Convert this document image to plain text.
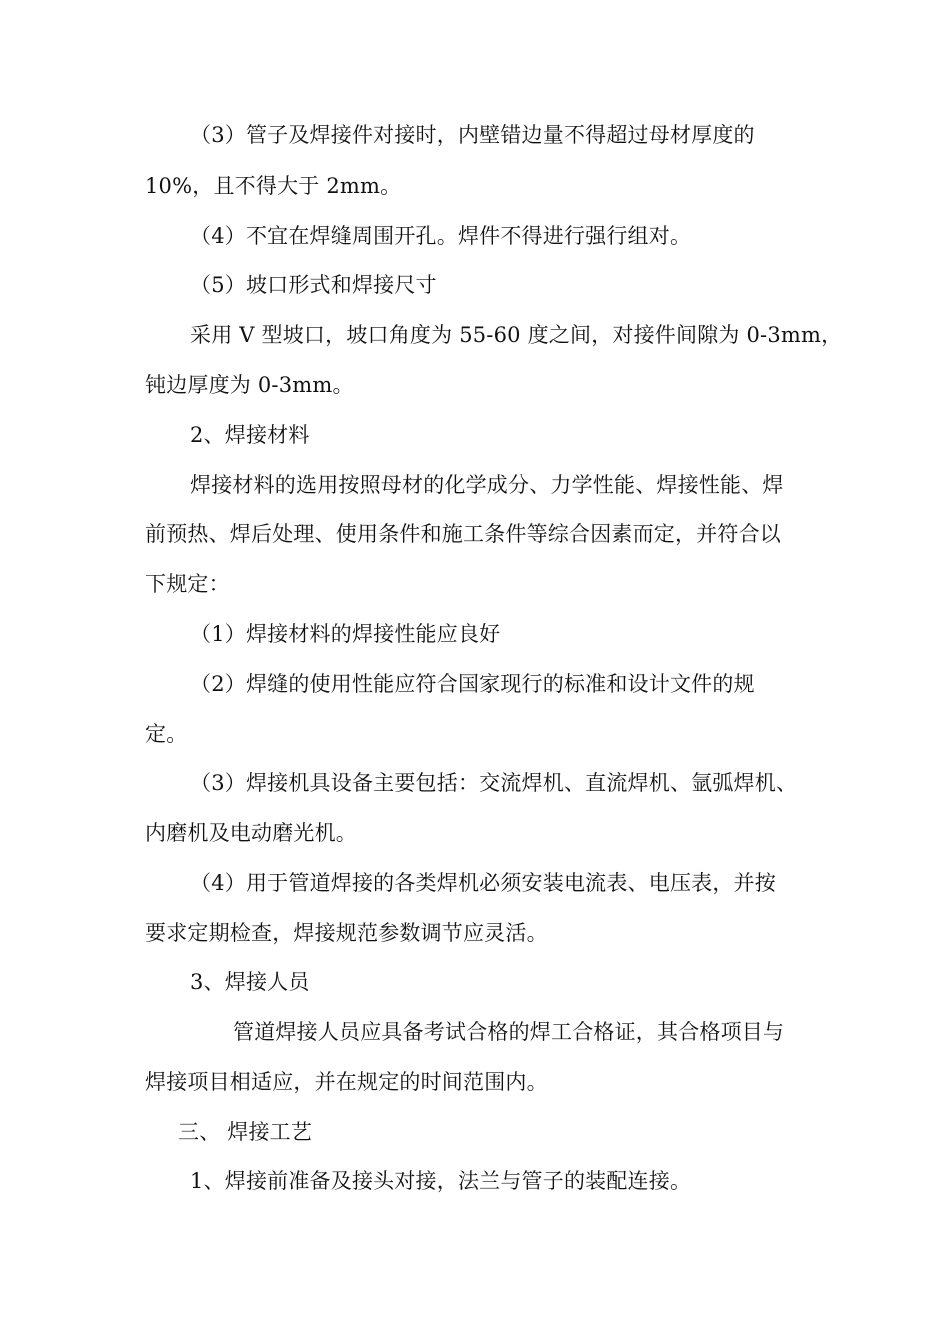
（3）管子及焊接件对接时，内壁错边量不得超过母材厚度的
10%，且不得大于 2mm。
（4）不宜在焊缝周围开孔。焊件不得进行强行组对。
（5）坡口形式和焊接尺寸
采用 V 型坡口，坡口角度为 55-60 度之间，对接件间隙为 0-3mm，
钝边厚度为 0-3mm。
2、焊接材料
焊接材料的选用按照母材的化学成分、力学性能、焊接性能、焊
前预热、焊后处理、使用条件和施工条件等综合因素而定，并符合以
下规定：
（1）焊接材料的焊接性能应良好
（2）焊缝的使用性能应符合国家现行的标准和设计文件的规
定。
（3）焊接机具设备主要包括：交流焊机、直流焊机、氩弧焊机、
内磨机及电动磨光机。
（4）用于管道焊接的各类焊机必须安装电流表、电压表，并按
要求定期检查，焊接规范参数调节应灵活。
3、焊接人员
管道焊接人员应具备考试合格的焊工合格证，其合格项目与
焊接项目相适应，并在规定的时间范围内。
三、 焊接工艺
1、焊接前准备及接头对接，法兰与管子的装配连接。
